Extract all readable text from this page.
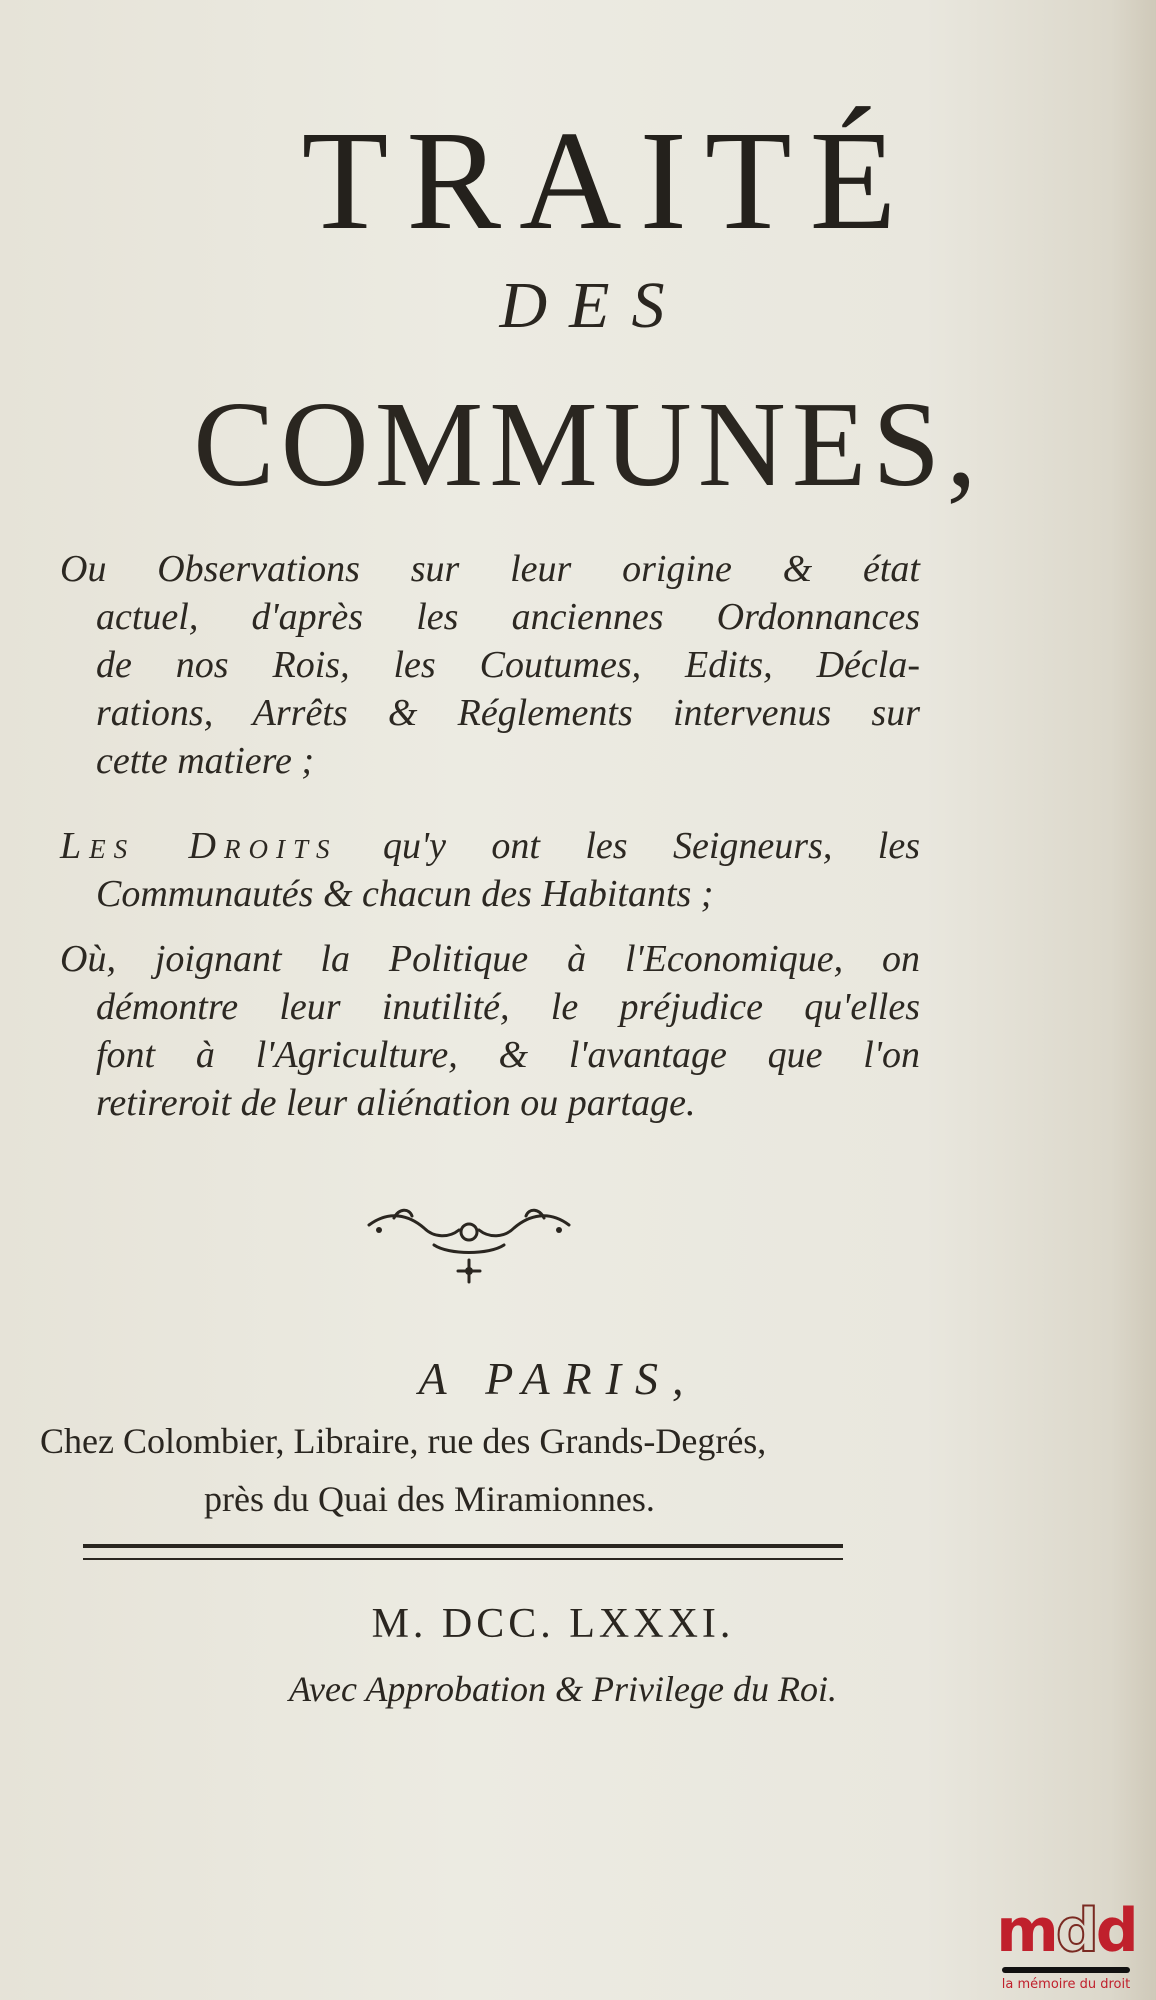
TRAITÉ
DES
COMMUNES,
Ou Observations sur leur origine & état
actuel, d'après les anciennes Ordonnances
de nos Rois, les Coutumes, Edits, Décla-
rations, Arrêts & Réglements intervenus sur
cette matiere ;
Les Droits qu'y ont les Seigneurs, les
Communautés & chacun des Habitants ;
Où, joignant la Politique à l'Economique, on
démontre leur inutilité, le préjudice qu'elles
font à l'Agriculture, & l'avantage que l'on
retireroit de leur aliénation ou partage.
A PARIS,
Chez Colombier, Libraire, rue des Grands-Degrés,
près du Quai des Miramionnes.
M. DCC. LXXXI.
Avec Approbation & Privilege du Roi.
mdd
la mémoire du droit
